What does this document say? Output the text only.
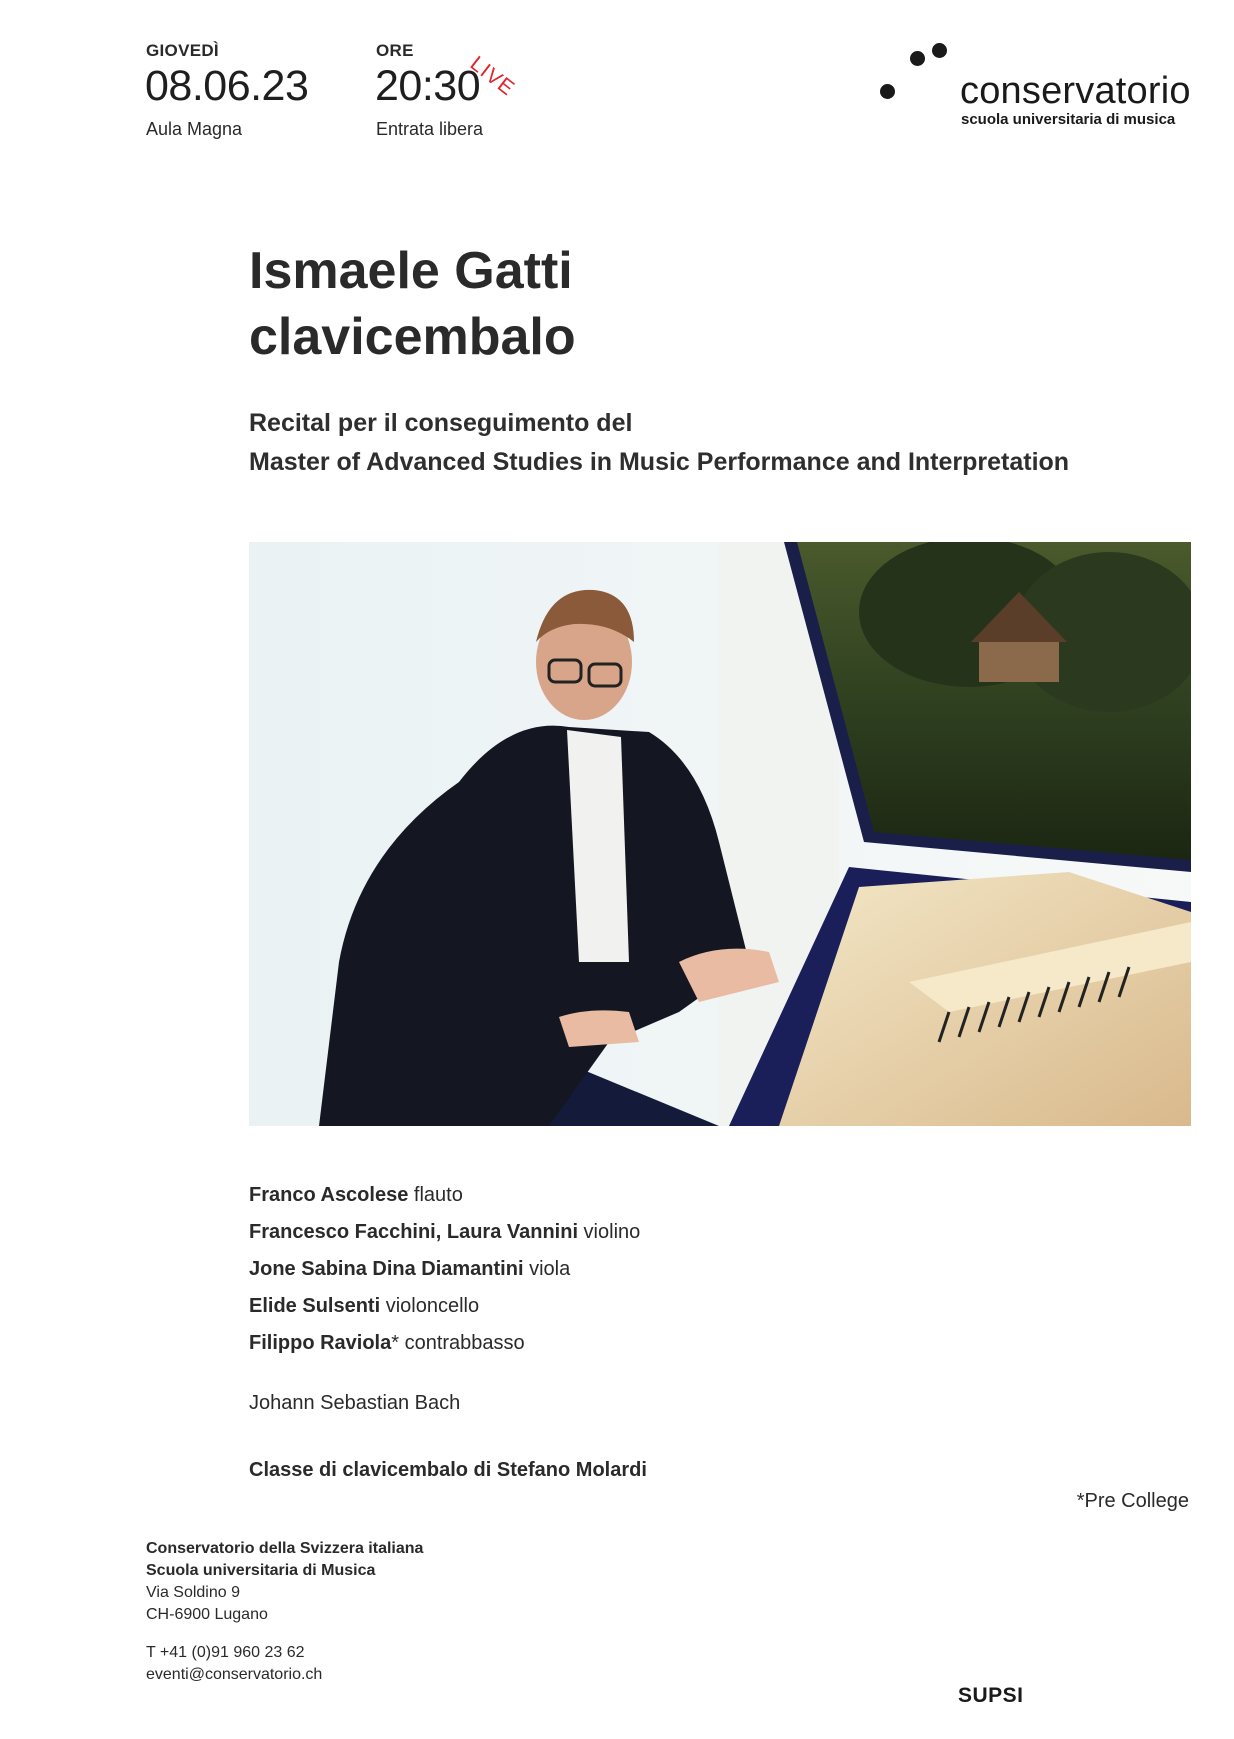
GIOVEDÌ
08.06.23
Aula Magna
ORE
20:30
Entrata libera
LIVE	conservatorio
scuola universitaria di musica
Ismaele Gatti
clavicembalo
Recital per il conseguimento del
Master of Advanced Studies in Music Performance and Interpretation
Franco Ascolese flauto
Francesco Facchini, Laura Vannini violino
Jone Sabina Dina Diamantini viola
Elide Sulsenti violoncello
Filippo Raviola* contrabbasso
Johann Sebastian Bach
Classe di clavicembalo di Stefano Molardi
*Pre College
Conservatorio della Svizzera italiana
Scuola universitaria di Musica
Via Soldino 9
CH-6900 Lugano
T +41 (0)91 960 23 62
eventi@conservatorio.ch
SUPSI
